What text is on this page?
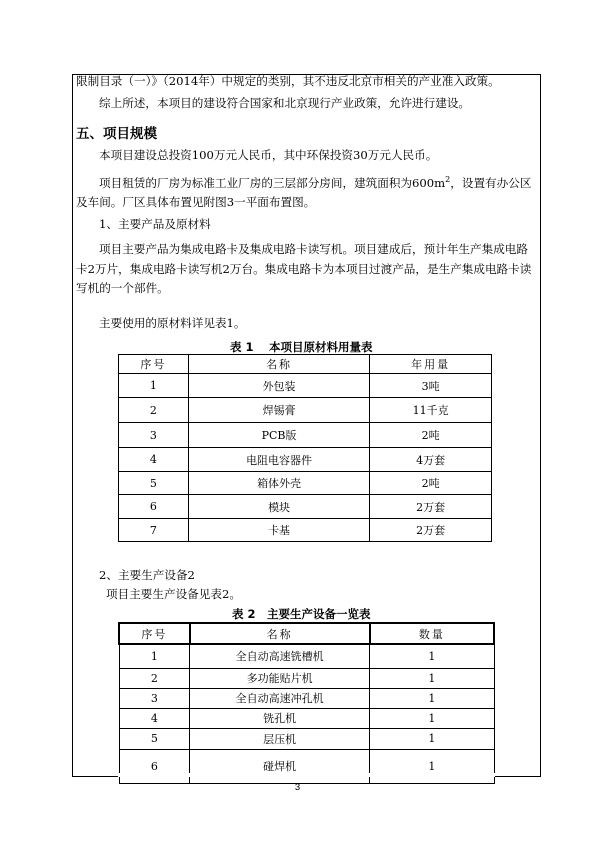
限制目录（一）》（2014年）中规定的类别，其不违反北京市相关的产业准入政策。

综上所述，本项目的建设符合国家和北京现行产业政策，允许进行建设。

五、项目规模

本项目建设总投资100万元人民币，其中环保投资30万元人民币。

项目租赁的厂房为标准工业厂房的三层部分房间，建筑面积为$600m^2$，设置有办公区及车间。厂区具体布置见附图3一平面布置图。

1、主要产品及原材料

项目主要产品为集成电路卡及集成电路卡读写机。项目建成后，预计年生产集成电路卡2万片，集成电路卡读写机2万台。集成电路卡为本项目过渡产品，是生产集成电路卡读写机的一个部件。

主要使用的原材料详见表1。

表 1　 本项目原材料用量表

序号	名称	年用量
1	外包装	3吨
2	焊锡膏	11千克
3	PCB版	2吨
4	电阻电容器件	4万套
5	箱体外壳	2吨
6	模块	2万套
7	卡基	2万套

2、主要生产设备2

项目主要生产设备见表2。

表 2　主要生产设备一览表

序号	名称	数量
1	全自动高速铣槽机	1
2	多功能贴片机	1
3	全自动高速冲孔机	1
4	铣孔机	1
5	层压机	1
6	碰焊机	1
3
